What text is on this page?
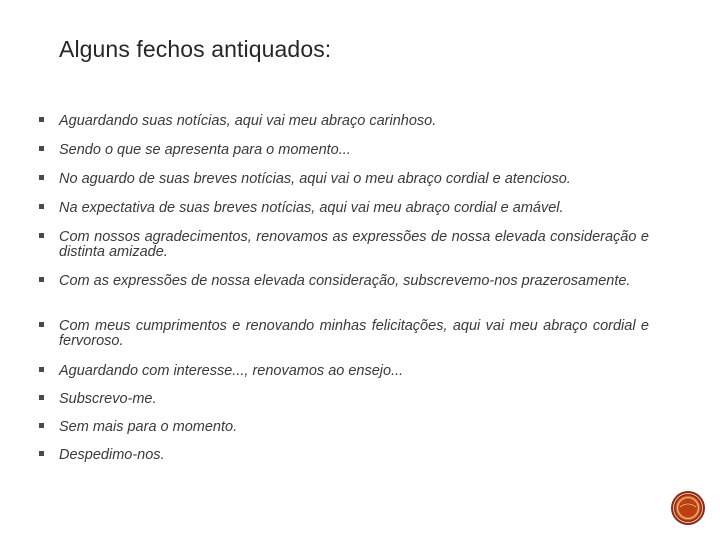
Alguns fechos antiquados:
Aguardando suas notícias, aqui vai meu abraço carinhoso.
Sendo o que se apresenta para o momento...
No aguardo de suas breves notícias, aqui vai o meu abraço cordial e atencioso.
Na expectativa de suas breves notícias, aqui vai meu abraço cordial e amável.
Com nossos agradecimentos, renovamos as expressões de nossa elevada consideração e distinta amizade.
Com as expressões de nossa elevada consideração, subscrevemo-nos prazerosamente.
Com meus cumprimentos e renovando minhas felicitações, aqui vai meu abraço cordial e fervoroso.
Aguardando com interesse..., renovamos ao ensejo...
Subscrevo-me.
Sem mais para o momento.
Despedimo-nos.
